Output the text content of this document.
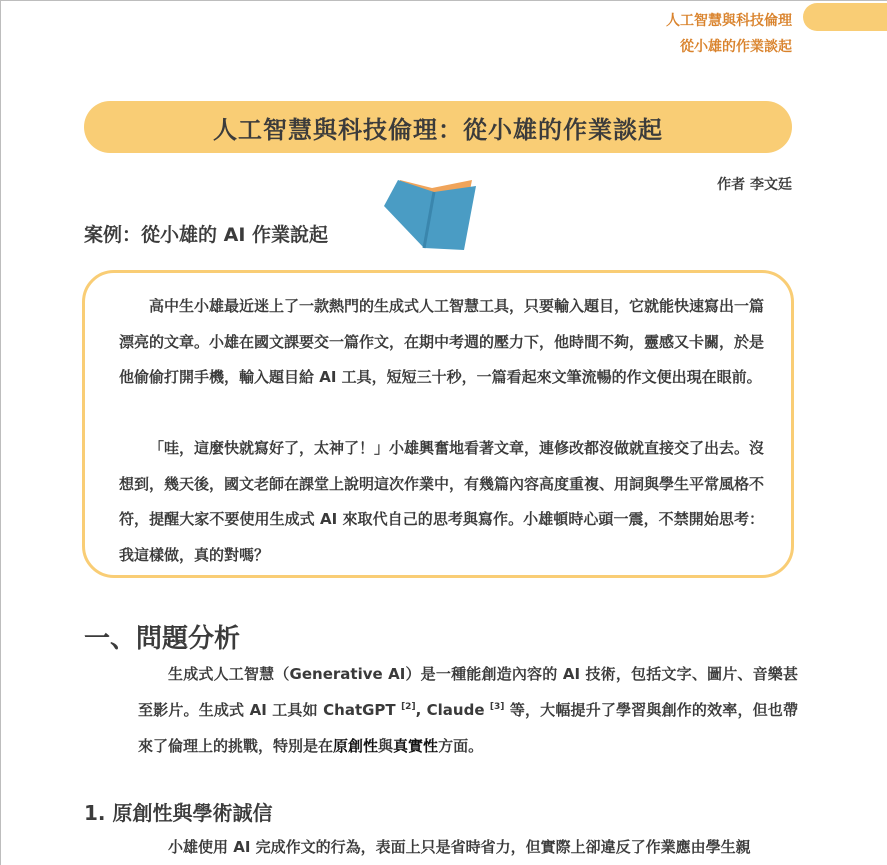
人工智慧與科技倫理
從小雄的作業談起
人工智慧與科技倫理：從小雄的作業談起
作者 李文廷
案例：從小雄的 AI 作業說起

高中生小雄最近迷上了一款熱門的生成式人工智慧工具，只要輸入題目，它就能快速寫出一篇漂亮的文章。小雄在國文課要交一篇作文，在期中考週的壓力下，他時間不夠，靈感又卡關，於是他偷偷打開手機，輸入題目給 AI 工具，短短三十秒，一篇看起來文筆流暢的作文便出現在眼前。

「哇，這麼快就寫好了，太神了！」小雄興奮地看著文章，連修改都沒做就直接交了出去。沒想到，幾天後，國文老師在課堂上說明這次作業中，有幾篇內容高度重複、用詞與學生平常風格不符，提醒大家不要使用生成式 AI 來取代自己的思考與寫作。小雄頓時心頭一震，不禁開始思考：我這樣做，真的對嗎？

一、問題分析

生成式人工智慧（Generative AI）是一種能創造內容的 AI 技術，包括文字、圖片、音樂甚至影片。生成式 AI 工具如 ChatGPT [2], Claude [3] 等，大幅提升了學習與創作的效率，但也帶來了倫理上的挑戰，特別是在原創性與真實性方面。

1. 原創性與學術誠信

小雄使用 AI 完成作文的行為，表面上只是省時省力，但實際上卻違反了作業應由學生親
